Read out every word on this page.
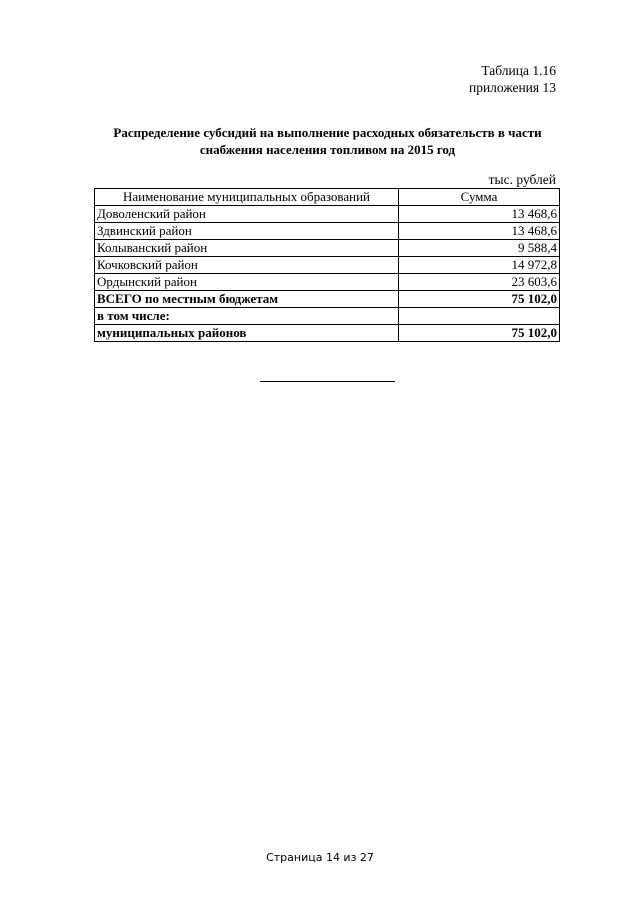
Таблица 1.16
приложения 13
Распределение субсидий на выполнение расходных обязательств в части
снабжения населения топливом на 2015 год
тыс. рублей
Наименование муниципальных образований	Сумма
Доволенский район	13 468,6
Здвинский район	13 468,6
Колыванский район	9 588,4
Кочковский район	14 972,8
Ордынский район	23 603,6
ВСЕГО по местным бюджетам	75 102,0
в том числе:	
муниципальных районов	75 102,0
Страница 14 из 27
